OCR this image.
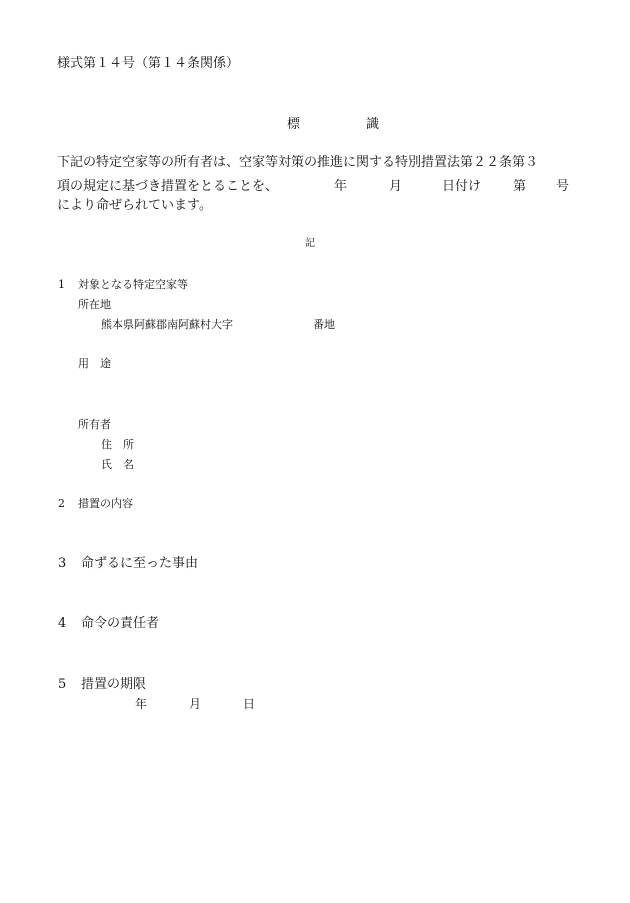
様式第１４号（第１４条関係）
標	識
下記の特定空家等の所有者は、空家等対策の推進に関する特別措置法第２２条第３
項の規定に基づき措置をとることを、	年	月	日付け 第 号
により命ぜられています。
記
1 対象となる特定空家等
所在地
熊本県阿蘇郡南阿蘇村大字	番地
用　途
所有者
住　所
氏　名
2 措置の内容
3 命ずるに至った事由
4 命令の責任者
5 措置の期限
年	月	日
